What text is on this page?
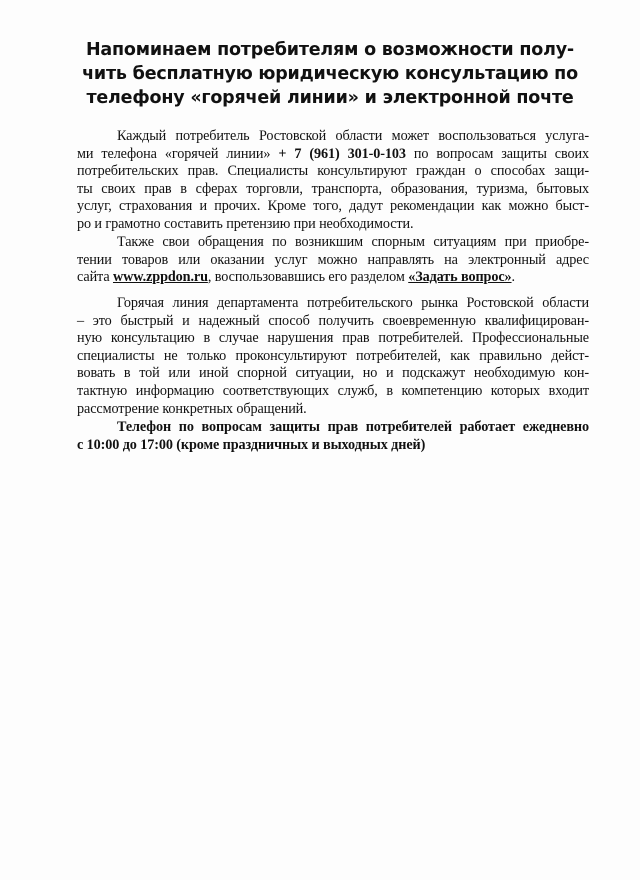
Напоминаем потребителям о возможности полу-
чить бесплатную юридическую консультацию по
телефону «горячей линии» и электронной почте
Каждый потребитель Ростовской области может воспользоваться услуга-
ми телефона «горячей линии» + 7 (961) 301-0-103 по вопросам защиты своих
потребительских прав. Специалисты консультируют граждан о способах защи-
ты своих прав в сферах торговли, транспорта, образования, туризма, бытовых
услуг, страхования и прочих. Кроме того, дадут рекомендации как можно быст-
ро и грамотно составить претензию при необходимости.
Также свои обращения по возникшим спорным ситуациям при приобре-
тении товаров или оказании услуг можно направлять на электронный адрес
сайта www.zppdon.ru, воспользовавшись его разделом «Задать вопрос».
Горячая линия департамента потребительского рынка Ростовской области
– это быстрый и надежный способ получить своевременную квалифицирован-
ную консультацию в случае нарушения прав потребителей. Профессиональные
специалисты не только проконсультируют потребителей, как правильно дейст-
вовать в той или иной спорной ситуации, но и подскажут необходимую кон-
тактную информацию соответствующих служб, в компетенцию которых входит
рассмотрение конкретных обращений.
Телефон по вопросам защиты прав потребителей работает ежедневно
с 10:00 до 17:00 (кроме праздничных и выходных дней)
